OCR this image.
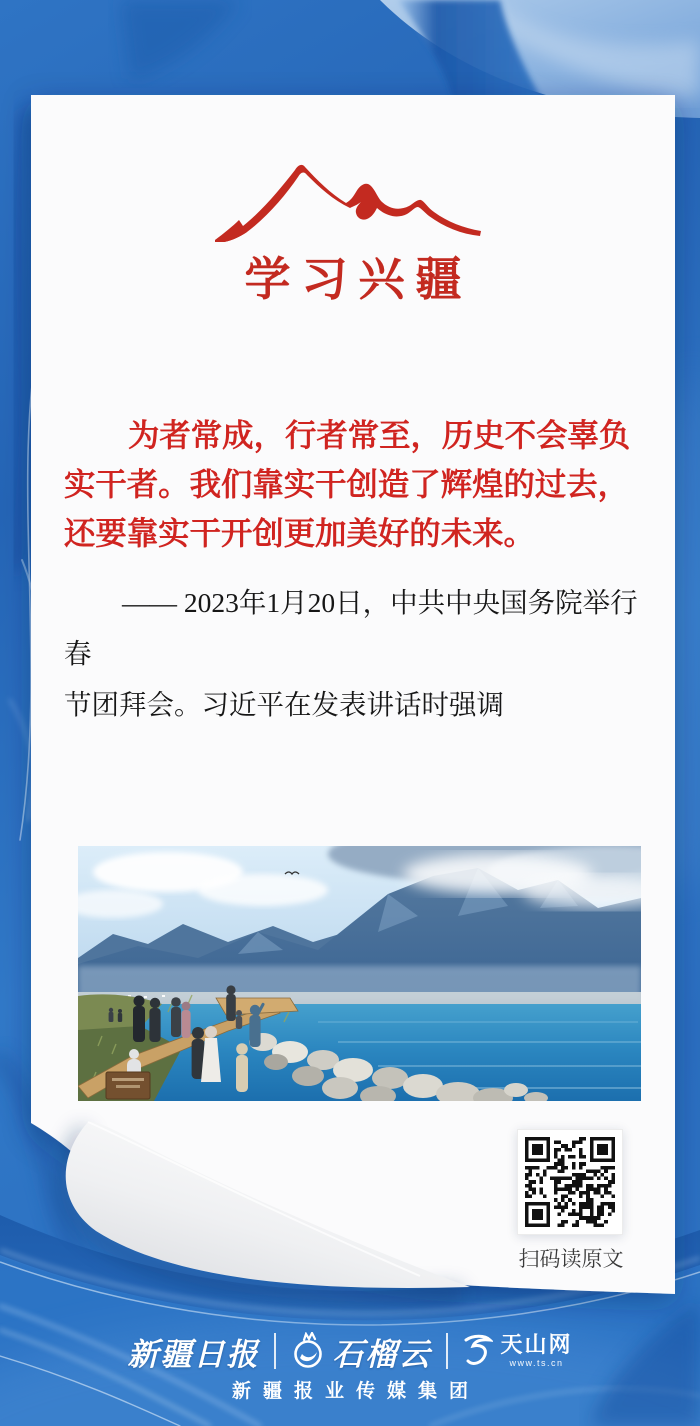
学习兴疆
为者常成，行者常至，历史不会辜负
实干者。我们靠实干创造了辉煌的过去，
还要靠实干开创更加美好的未来。
—— 2023年1月20日，中共中央国务院举行春
节团拜会。习近平在发表讲话时强调
扫码读原文
新疆日报 石榴云	天山网
www.ts.cn
新疆报业传媒集团
